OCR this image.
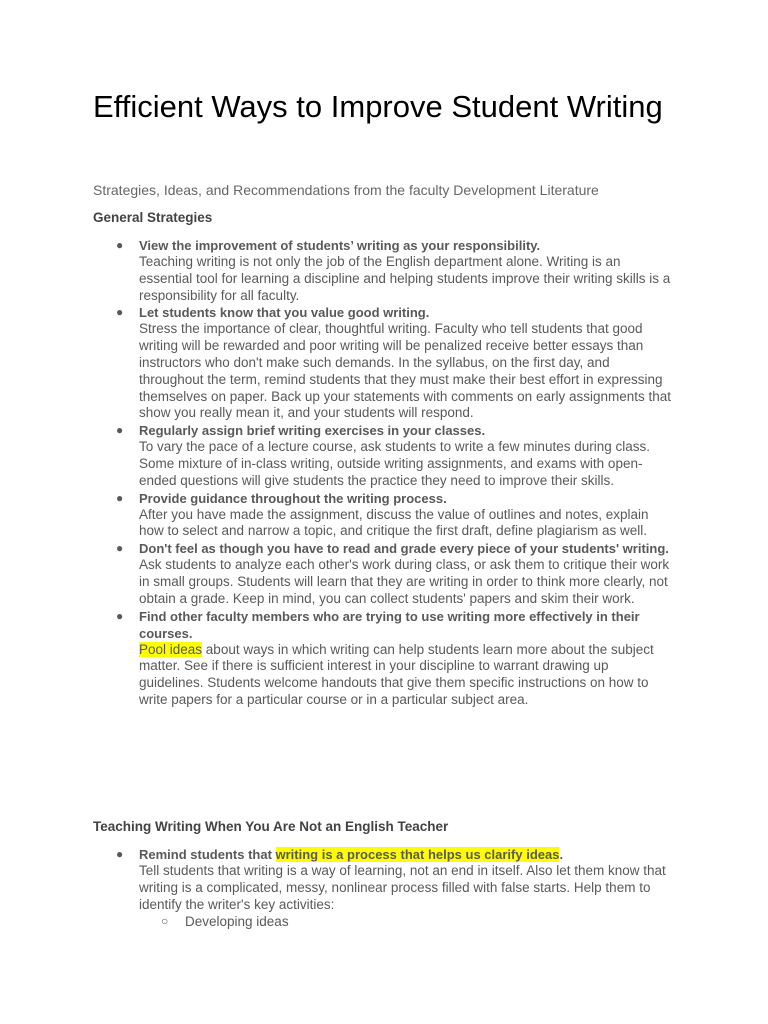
Efficient Ways to Improve Student Writing

Strategies, Ideas, and Recommendations from the faculty Development Literature

General Strategies
● View the improvement of students’ writing as your responsibility.
Teaching writing is not only the job of the English department alone. Writing is an essential tool for learning a discipline and helping students improve their writing skills is a responsibility for all faculty.
● Let students know that you value good writing.
Stress the importance of clear, thoughtful writing. Faculty who tell students that good writing will be rewarded and poor writing will be penalized receive better essays than instructors who don't make such demands. In the syllabus, on the first day, and throughout the term, remind students that they must make their best effort in expressing themselves on paper. Back up your statements with comments on early assignments that show you really mean it, and your students will respond.
● Regularly assign brief writing exercises in your classes.
To vary the pace of a lecture course, ask students to write a few minutes during class. Some mixture of in-class writing, outside writing assignments, and exams with open-ended questions will give students the practice they need to improve their skills.
● Provide guidance throughout the writing process.
After you have made the assignment, discuss the value of outlines and notes, explain how to select and narrow a topic, and critique the first draft, define plagiarism as well.
● Don't feel as though you have to read and grade every piece of your students' writing.
Ask students to analyze each other's work during class, or ask them to critique their work in small groups. Students will learn that they are writing in order to think more clearly, not obtain a grade. Keep in mind, you can collect students' papers and skim their work.
● Find other faculty members who are trying to use writing more effectively in their courses.
Pool ideas about ways in which writing can help students learn more about the subject matter. See if there is sufficient interest in your discipline to warrant drawing up guidelines. Students welcome handouts that give them specific instructions on how to write papers for a particular course or in a particular subject area.
Teaching Writing When You Are Not an English Teacher
● Remind students that writing is a process that helps us clarify ideas.
Tell students that writing is a way of learning, not an end in itself. Also let them know that writing is a complicated, messy, nonlinear process filled with false starts. Help them to identify the writer's key activities:
○ Developing ideas
